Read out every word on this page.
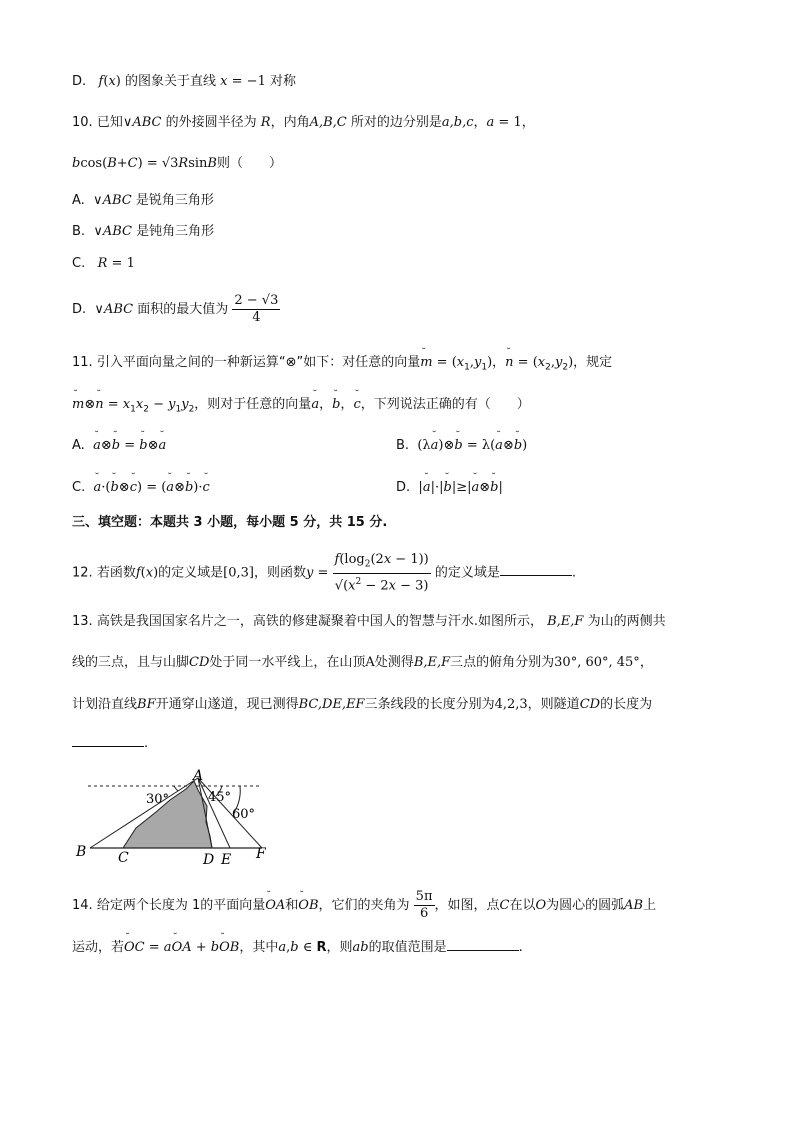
D.   f(x) 的图象关于直线 x = −1 对称
10. 已知∨ABC 的外接圆半径为 R，内角A,B,C 所对的边分别是a,b,c，a = 1，
bcos(B+C) = √3RsinB则（　　）
A.  ∨ABC 是锐角三角形
B.  ∨ABC 是钝角三角形
C. R = 1
D.  ∨ABC 面积的最大值为 $\frac{2 - √3}{4}$
11. 引入平面向量之间的一种新运算“⊗”如下：对任意的向量˘ $m = (x_1,y_1)$，˘ $n = (x_2,y_2)$，规定
˘ m⊗˘ $n = x_1x_2 - y_1y_2$，则对于任意的向量˘ a，˘ b，˘ c，下列说法正确的有（　　）
A. ˘ a⊗˘ b = ˘ b⊗˘ a	B. (λ˘ a)⊗˘ b = λ(˘ a⊗˘ b)
C. ˘ a·(˘ b⊗˘ c) = (˘ a⊗˘ b)·˘ c	D. |˘ a|·|˘ b|≥|˘ a⊗˘ b|
三、填空题：本题共 3 小题，每小题 5 分，共 15 分.
12. 若函数f(x)的定义域是[0,3]，则函数$y = \frac{f(\log_2(2x - 1))}{√(x^2 - 2x - 3)}$ 的定义域是	.
13. 高铁是我国国家名片之一，高铁的修建凝聚着中国人的智慧与汗水.如图所示， B,E,F 为山的两侧共
线的三点，且与山脚CD处于同一水平线上，在山顶A处测得B,E,F三点的俯角分别为30°, 60°, 45°，
计划沿直线BF开通穿山遂道，现已测得BC,DE,EF三条线段的长度分别为4,2,3，则隧道CD的长度为
.
A
B C	D E F
30°	45°
60°
14. 给定两个长度为 1的平面向量˘ OA和˘ OB，它们的夹角为 $\frac{5\pi}{6}$ ，如图，点C在以O为圆心的圆弧AB上
运动，若˘ OC = a˘ OA + b˘ OB，其中a,b ∈ R，则ab的取值范围是	.
